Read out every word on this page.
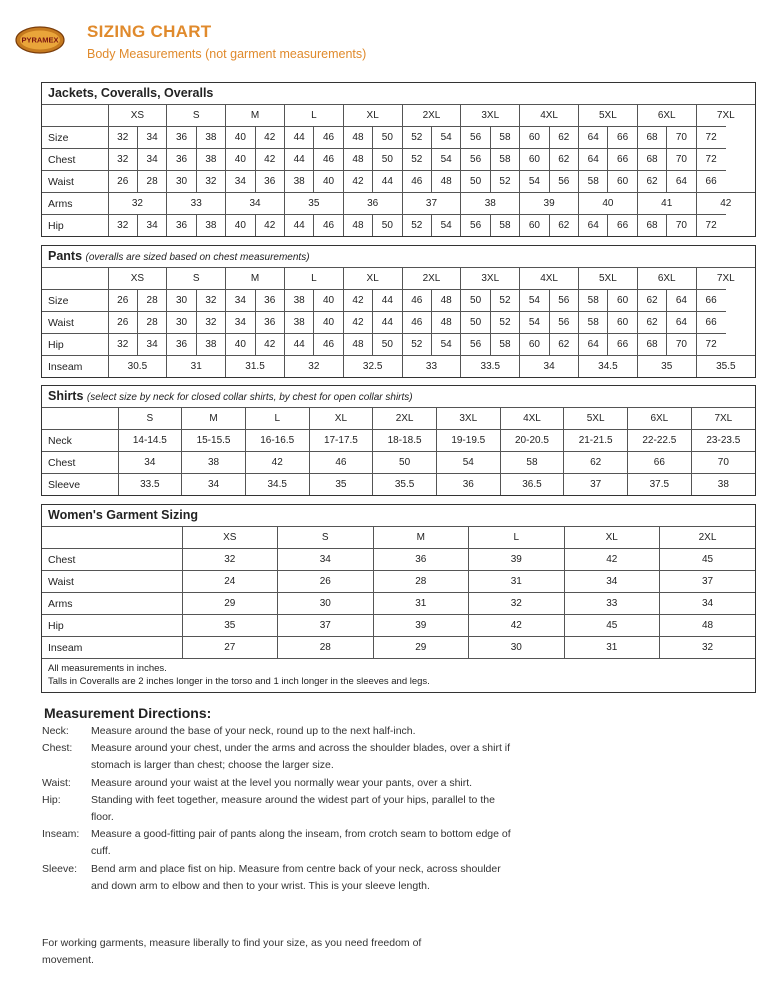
PYRAMEX SIZING CHART
Body Measurements (not garment measurements)
Jackets, Coveralls, Overalls
	XS		S		M		L		XL		2XL		3XL		4XL		5XL		6XL		7XL
Size	32	34	36	38	40	42	44	46	48	50	52	54	56	58	60	62	64	66	68	70	72
Chest	32	34	36	38	40	42	44	46	48	50	52	54	56	58	60	62	64	66	68	70	72
Waist	26	28	30	32	34	36	38	40	42	44	46	48	50	52	54	56	58	60	62	64	66
Arms	32		33		34		35		36		37		38		39		40		41		42
Hip	32	34	36	38	40	42	44	46	48	50	52	54	56	58	60	62	64	66	68	70	72
Pants (overalls are sized based on chest measurements)
	XS		S		M		L		XL		2XL		3XL		4XL		5XL		6XL		7XL
Size	26	28	30	32	34	36	38	40	42	44	46	48	50	52	54	56	58	60	62	64	66
Waist	26	28	30	32	34	36	38	40	42	44	46	48	50	52	54	56	58	60	62	64	66
Hip	32	34	36	38	40	42	44	46	48	50	52	54	56	58	60	62	64	66	68	70	72
Inseam	30.5		31		31.5		32		32.5		33		33.5		34		34.5		35		35.5
Shirts (select size by neck for closed collar shirts, by chest for open collar shirts)
	S	M	L	XL	2XL	3XL	4XL	5XL	6XL	7XL
Neck	14-14.5	15-15.5	16-16.5	17-17.5	18-18.5	19-19.5	20-20.5	21-21.5	22-22.5	23-23.5
Chest	34	38	42	46	50	54	58	62	66	70
Sleeve	33.5	34	34.5	35	35.5	36	36.5	37	37.5	38
Women's Garment Sizing
	XS	S	M	L	XL	2XL
Chest	32	34	36	39	42	45
Waist	24	26	28	31	34	37
Arms	29	30	31	32	33	34
Hip	35	37	39	42	45	48
Inseam	27	28	29	30	31	32
All measurements in inches.
Talls in Coveralls are 2 inches longer in the torso and 1 inch longer in the sleeves and legs.
Measurement Directions:
Neck:	Measure around the base of your neck, round up to the next half-inch.
Chest:	Measure around your chest, under the arms and across the shoulder blades, over a shirt if stomach is larger than chest; choose the larger size.
Waist:	Measure around your waist at the level you normally wear your pants, over a shirt.
Hip:	Standing with feet together, measure around the widest part of your hips, parallel to the floor.
Inseam:	Measure a good-fitting pair of pants along the inseam, from crotch seam to bottom edge of cuff.
Sleeve:	Bend arm and place fist on hip. Measure from centre back of your neck, across shoulder and down arm to elbow and then to your wrist. This is your sleeve length.
For working garments, measure liberally to find your size, as you need freedom of movement.
